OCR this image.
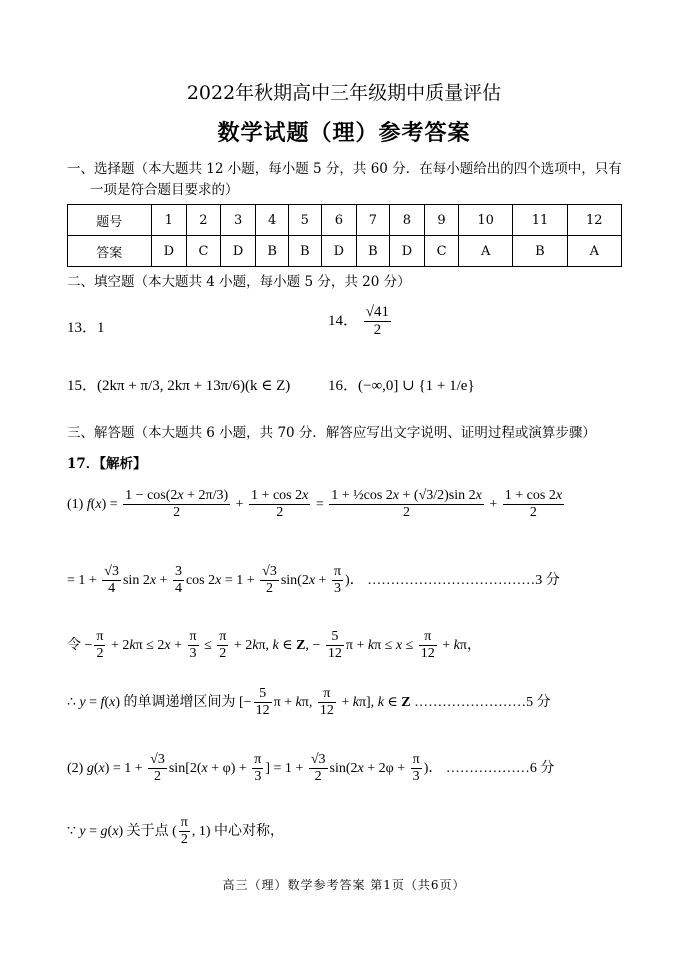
2022年秋期高中三年级期中质量评估
数学试题（理）参考答案
一、选择题（本大题共 12 小题，每小题 5 分，共 60 分．在每小题给出的四个选项中，只有
一项是符合题目要求的）
题号	1	2	3	4	5	6	7	8	9	10	11	12
答案	D	C	D	B	B	D	B	D	C	A	B	A
二、填空题（本大题共 4 小题，每小题 5 分，共 20 分）
13．1	14． $\frac{√41}{2}$
15．(2kπ + π/3, 2kπ + 13π/6)(k ∈ Z)	16．(−∞,0] ∪ {1 + 1/e}
三、解答题（本大题共 6 小题，共 70 分．解答应写出文字说明、证明过程或演算步骤）
17．【解析】
(1) $f(x) = \frac{1 - \cos(2x + 2\pi/3)}{2} + \frac{1 + \cos 2x}{2} = \frac{\text{1 + ½cos 2x + (√3/2)sin 2x}}{2} + \frac{1 + \cos 2x}{2}$
= $1 + \frac{√3}{4}$ $\sin 2x + \frac{3}{4}$ $\cos 2x = 1 + \frac{√3}{2} \sin(2x + \frac{\pi}{3}$ )． ………………………………3 分
令 − $\frac{\pi}{2} + 2k\pi \le 2x + \frac{\pi}{3} \le \frac{\pi}{2} + 2k\pi$, k ∈ Z, − $\frac{5}{12}$ $\pi + k\pi \le x \le \frac{\pi}{12} + k\pi$，
∴ y = f(x) 的单调递增区间为 [− $\frac{5}{12}$ π + kπ, $\frac{\pi}{12} + k\pi$], k ∈ Z ……………………5 分
(2) $g(x) = 1 + \frac{√3}{2} \sin[2(x + \varphi) + \frac{\pi}{3}$ ] = $1 + \frac{√3}{2} \sin(2x + 2\varphi + \frac{\pi}{3}$ )． ………………6 分
∵ y = g(x) 关于点 ( $\frac{\pi}{2}$ , 1) 中心对称，
高三（理）数学参考答案 第1页（共6页）
